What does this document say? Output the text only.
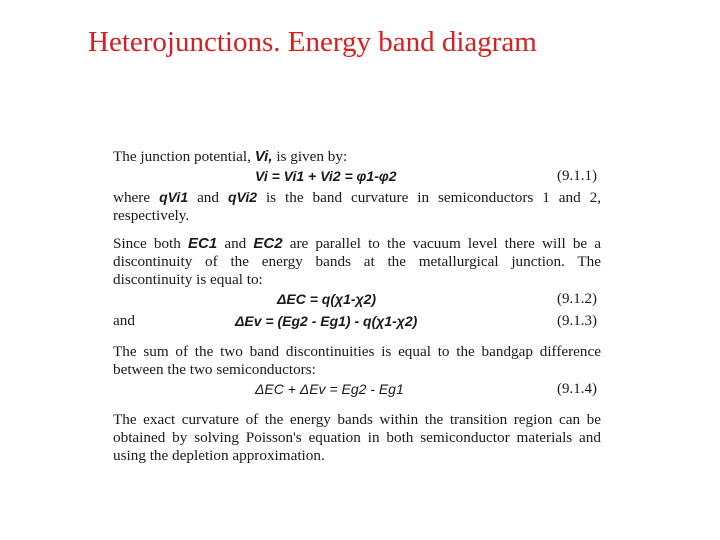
Heterojunctions. Energy band diagram

The junction potential, Vi, is given by:

Vi = Vi1 + Vi2 = φ1-φ2	(9.1.1)

where qVi1 and qVi2 is the band curvature in semiconductors 1 and 2, respectively.

Since both EC1 and EC2 are parallel to the vacuum level there will be a discontinuity of the energy bands at the metallurgical junction. The discontinuity is equal to:

ΔEC = q(χ1-χ2)	(9.1.2)
and	ΔEv = (Eg2 - Eg1) - q(χ1-χ2)	(9.1.3)

The sum of the two band discontinuities is equal to the bandgap difference between the two semiconductors:

ΔEC + ΔEv = Eg2 - Eg1	(9.1.4)

The exact curvature of the energy bands within the transition region can be obtained by solving Poisson's equation in both semiconductor materials and using the depletion approximation.
